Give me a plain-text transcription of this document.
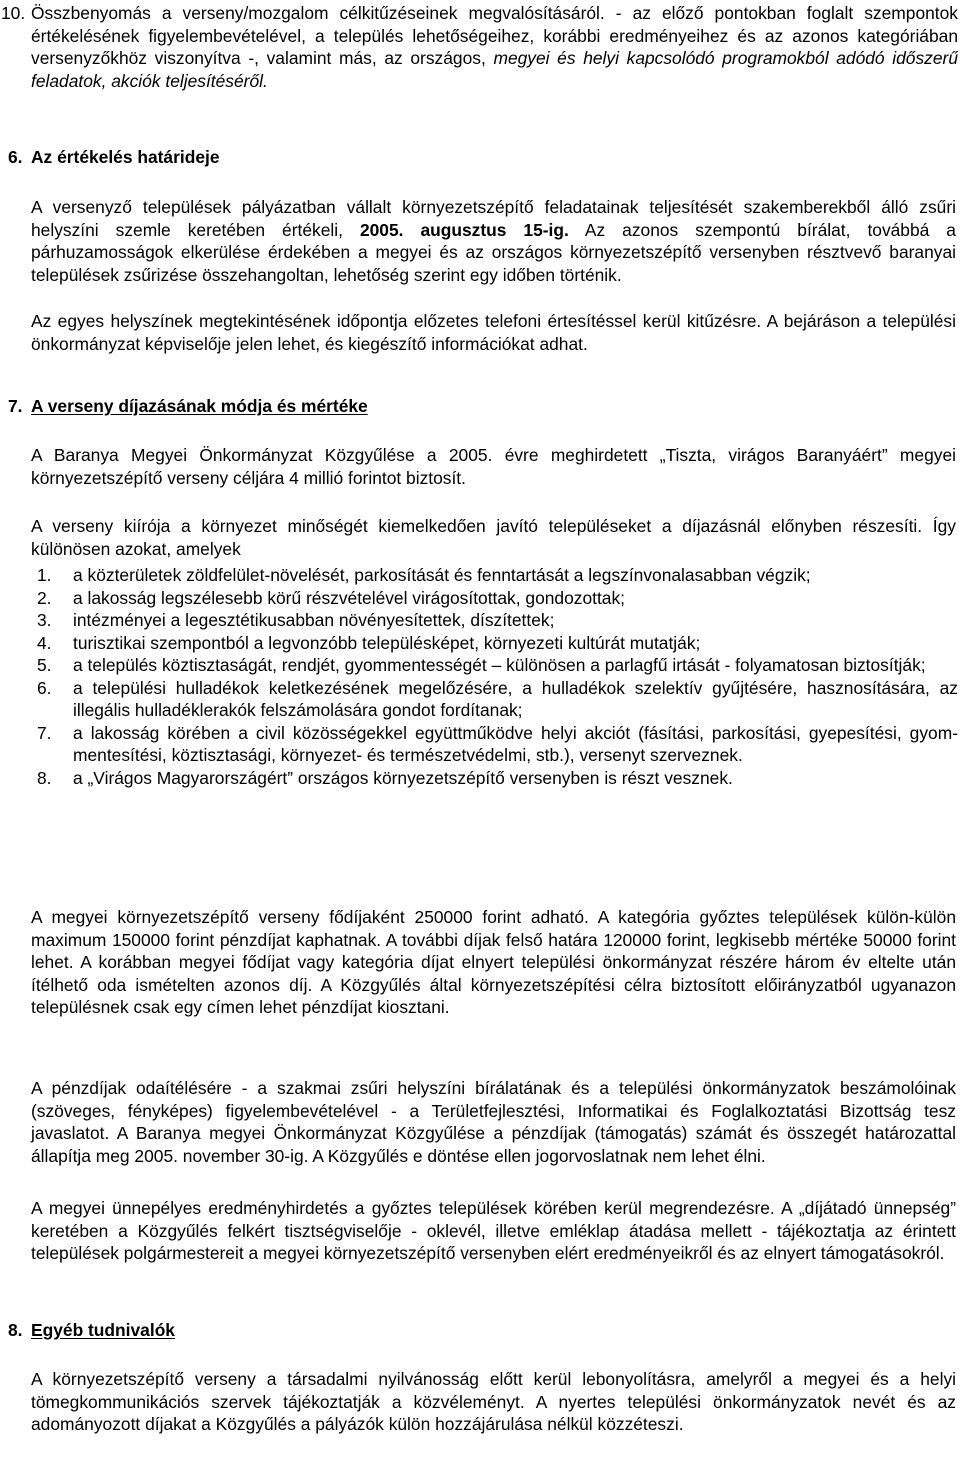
10. Összbenyomás a verseny/mozgalom célkitűzéseinek megvalósításáról. - az előző pontokban foglalt szempontok értékelésének figyelembevételével, a település lehetőségeihez, korábbi eredményeihez és az azonos kategóriában versenyzőkhöz viszonyítva -, valamint más, az országos, megyei és helyi kapcsolódó programokból adódó időszerű feladatok, akciók teljesítéséről.
6. Az értékelés határideje

A versenyző települések pályázatban vállalt környezetszépítő feladatainak teljesítését szakemberekből álló zsűri helyszíni szemle keretében értékeli, 2005. augusztus 15-ig. Az azonos szempontú bírálat, továbbá a párhuzamosságok elkerülése érdekében a megyei és az országos környezetszépítő versenyben résztvevő baranyai települések zsűrizése összehangoltan, lehetőség szerint egy időben történik.

Az egyes helyszínek megtekintésének időpontja előzetes telefoni értesítéssel kerül kitűzésre. A bejáráson a települési önkormányzat képviselője jelen lehet, és kiegészítő információkat adhat.

7. A verseny díjazásának módja és mértéke

A Baranya Megyei Önkormányzat Közgyűlése a 2005. évre meghirdetett „Tiszta, virágos Baranyáért” megyei környezetszépítő verseny céljára 4 millió forintot biztosít.

A verseny kiírója a környezet minőségét kiemelkedően javító településeket a díjazásnál előnyben részesíti. Így különösen azokat, amelyek

1. a közterületek zöldfelület-növelését, parkosítását és fenntartását a legszínvonalasabban végzik;
2. a lakosság legszélesebb körű részvételével virágosítottak, gondozottak;
3. intézményei a legesztétikusabban növényesítettek, díszítettek;
4. turisztikai szempontból a legvonzóbb településképet, környezeti kultúrát mutatják;
5. a település köztisztaságát, rendjét, gyommentességét – különösen a parlagfű irtását - folyamatosan biztosítják;
6. a települési hulladékok keletkezésének megelőzésére, a hulladékok szelektív gyűjtésére, hasznosítására, az illegális hulladéklerakók felszámolására gondot fordítanak;
7. a lakosság körében a civil közösségekkel együttműködve helyi akciót (fásítási, parkosítási, gyepesítési, gyom-mentesítési, köztisztasági, környezet- és természetvédelmi, stb.), versenyt szerveznek.
8. a „Virágos Magyarországért” országos környezetszépítő versenyben is részt vesznek.

A megyei környezetszépítő verseny fődíjaként 250000 forint adható. A kategória győztes települések külön-külön maximum 150000 forint pénzdíjat kaphatnak. A további díjak felső határa 120000 forint, legkisebb mértéke 50000 forint lehet. A korábban megyei fődíjat vagy kategória díjat elnyert települési önkormányzat részére három év eltelte után ítélhető oda ismételten azonos díj. A Közgyűlés által környezetszépítési célra biztosított előirányzatból ugyanazon településnek csak egy címen lehet pénzdíjat kiosztani.

A pénzdíjak odaítélésére - a szakmai zsűri helyszíni bírálatának és a települési önkormányzatok beszámolóinak (szöveges, fényképes) figyelembevételével - a Területfejlesztési, Informatikai és Foglalkoztatási Bizottság tesz javaslatot. A Baranya megyei Önkormányzat Közgyűlése a pénzdíjak (támogatás) számát és összegét határozattal állapítja meg 2005. november 30-ig. A Közgyűlés e döntése ellen jogorvoslatnak nem lehet élni.

A megyei ünnepélyes eredményhirdetés a győztes települések körében kerül megrendezésre. A „díjátadó ünnepség” keretében a Közgyűlés felkért tisztségviselője - oklevél, illetve emléklap átadása mellett - tájékoztatja az érintett települések polgármestereit a megyei környezetszépítő versenyben elért eredményeikről és az elnyert támogatásokról.

8. Egyéb tudnivalók

A környezetszépítő verseny a társadalmi nyilvánosság előtt kerül lebonyolításra, amelyről a megyei és a helyi tömegkommunikációs szervek tájékoztatják a közvéleményt. A nyertes települési önkormányzatok nevét és az adományozott díjakat a Közgyűlés a pályázók külön hozzájárulása nélkül közzéteszi.
